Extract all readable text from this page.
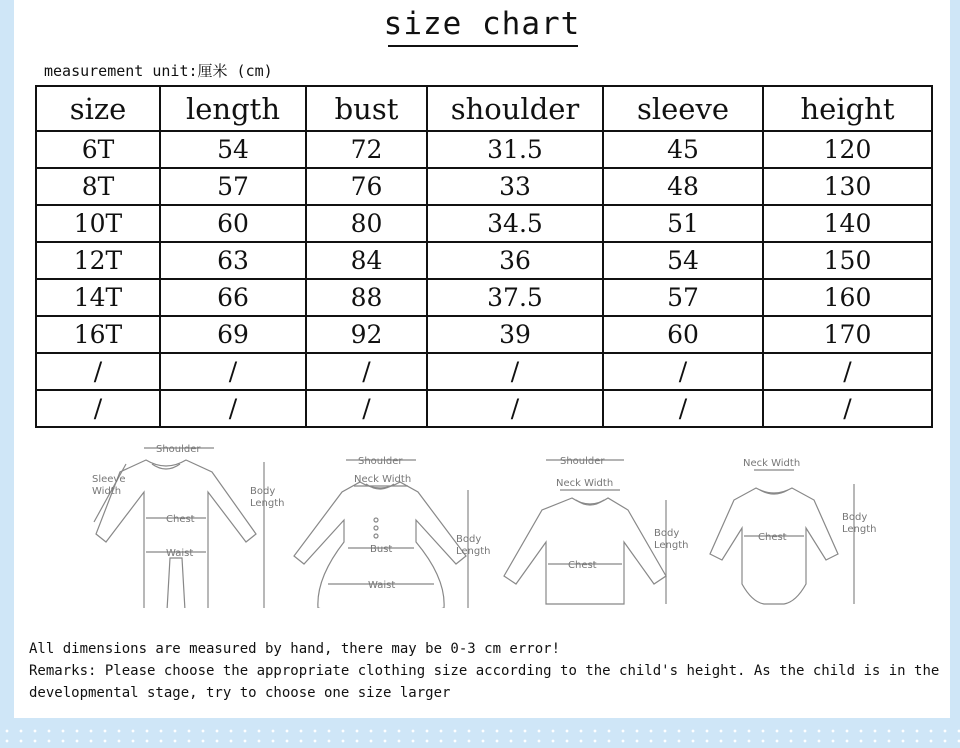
size chart
measurement unit:厘米 (cm)
size	length	bust	shoulder	sleeve	height
6T	54	72	31.5	45	120
8T	57	76	33	48	130
10T	60	80	34.5	51	140
12T	63	84	36	54	150
14T	66	88	37.5	57	160
16T	69	92	39	60	170
/	/	/	/	/	/
/	/	/	/	/	/
Shoulder
Sleeve
Width	Body
Length
Chest
Waist
Shoulder
Neck Width
Body
Length
Bust
Waist
Shoulder
Neck Width
Body
Length
Chest
Neck Width
Body
Length
Chest
All dimensions are measured by hand, there may be 0-3 cm error!
Remarks: Please choose the appropriate clothing size according to the child's height. As the child is in the developmental stage, try to choose one size larger
